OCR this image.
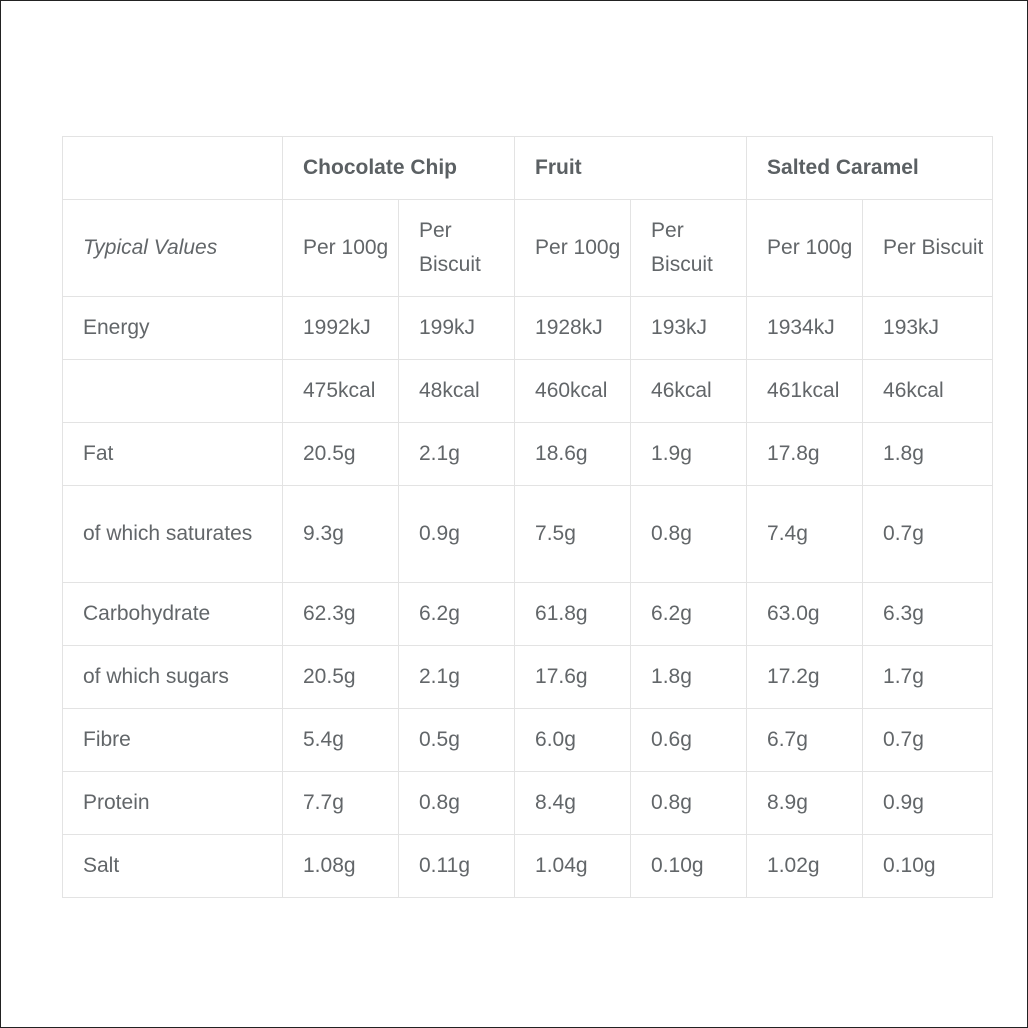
	Chocolate Chip		Fruit		Salted Caramel	
Typical Values	Per 100g	Per Biscuit	Per 100g	Per Biscuit	Per 100g	Per Biscuit
Energy	1992kJ	199kJ	1928kJ	193kJ	1934kJ	193kJ
	475kcal	48kcal	460kcal	46kcal	461kcal	46kcal
Fat	20.5g	2.1g	18.6g	1.9g	17.8g	1.8g
of which saturates	9.3g	0.9g	7.5g	0.8g	7.4g	0.7g
Carbohydrate	62.3g	6.2g	61.8g	6.2g	63.0g	6.3g
of which sugars	20.5g	2.1g	17.6g	1.8g	17.2g	1.7g
Fibre	5.4g	0.5g	6.0g	0.6g	6.7g	0.7g
Protein	7.7g	0.8g	8.4g	0.8g	8.9g	0.9g
Salt	1.08g	0.11g	1.04g	0.10g	1.02g	0.10g
